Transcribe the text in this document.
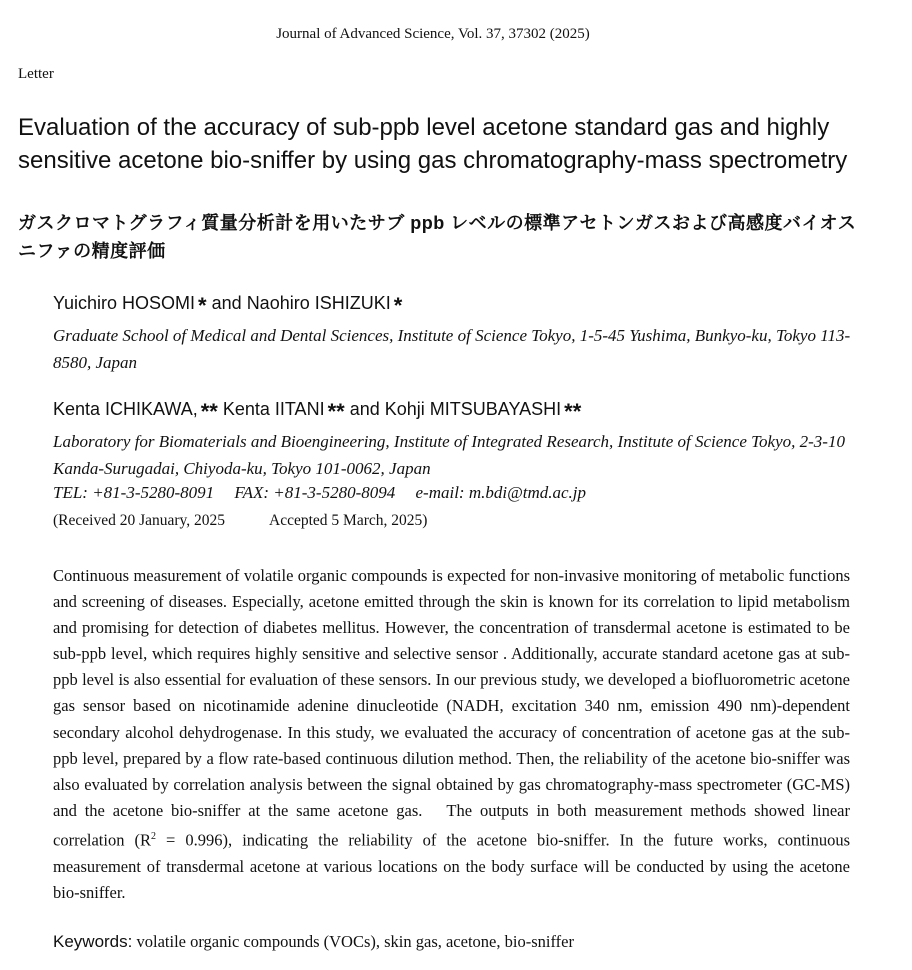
Journal of Advanced Science, Vol. 37, 37302 (2025)
Letter
Evaluation of the accuracy of sub-ppb level acetone standard gas and highly sensitive acetone bio-sniffer by using gas chromatography-mass spectrometry
ガスクロマトグラフィ質量分析計を用いたサブ ppb レベルの標準アセトンガスおよび高感度バイオスニファの精度評価
Yuichiro HOSOMI * and Naohiro ISHIZUKI *
Graduate School of Medical and Dental Sciences, Institute of Science Tokyo, 1-5-45 Yushima, Bunkyo-ku, Tokyo 113-8580, Japan
Kenta ICHIKAWA, ** Kenta IITANI ** and Kohji MITSUBAYASHI **
Laboratory for Biomaterials and Bioengineering, Institute of Integrated Research, Institute of Science Tokyo, 2-3-10 Kanda-Surugadai, Chiyoda-ku, Tokyo 101-0062, Japan
TEL: +81-3-5280-8091 FAX: +81-3-5280-8094 e-mail: m.bdi@tmd.ac.jp
(Received 20 January, 2025	Accepted 5 March, 2025)
Continuous measurement of volatile organic compounds is expected for non-invasive monitoring of metabolic functions and screening of diseases. Especially, acetone emitted through the skin is known for its correlation to lipid metabolism and promising for detection of diabetes mellitus. However, the concentration of transdermal acetone is estimated to be sub-ppb level, which requires highly sensitive and selective sensor . Additionally, accurate standard acetone gas at sub-ppb level is also essential for evaluation of these sensors. In our previous study, we developed a biofluorometric acetone gas sensor based on nicotinamide adenine dinucleotide (NADH, excitation 340 nm, emission 490 nm)-dependent secondary alcohol dehydrogenase. In this study, we evaluated the accuracy of concentration of acetone gas at the sub-ppb level, prepared by a flow rate-based continuous dilution method. Then, the reliability of the acetone bio-sniffer was also evaluated by correlation analysis between the signal obtained by gas chromatography-mass spectrometer (GC-MS) and the acetone bio-sniffer at the same acetone gas.　The outputs in both measurement methods showed linear correlation $(R^2 = 0.996)$, indicating the reliability of the acetone bio-sniffer. In the future works, continuous measurement of transdermal acetone at various locations on the body surface will be conducted by using the acetone bio-sniffer.
Keywords: volatile organic compounds (VOCs), skin gas, acetone, bio-sniffer
